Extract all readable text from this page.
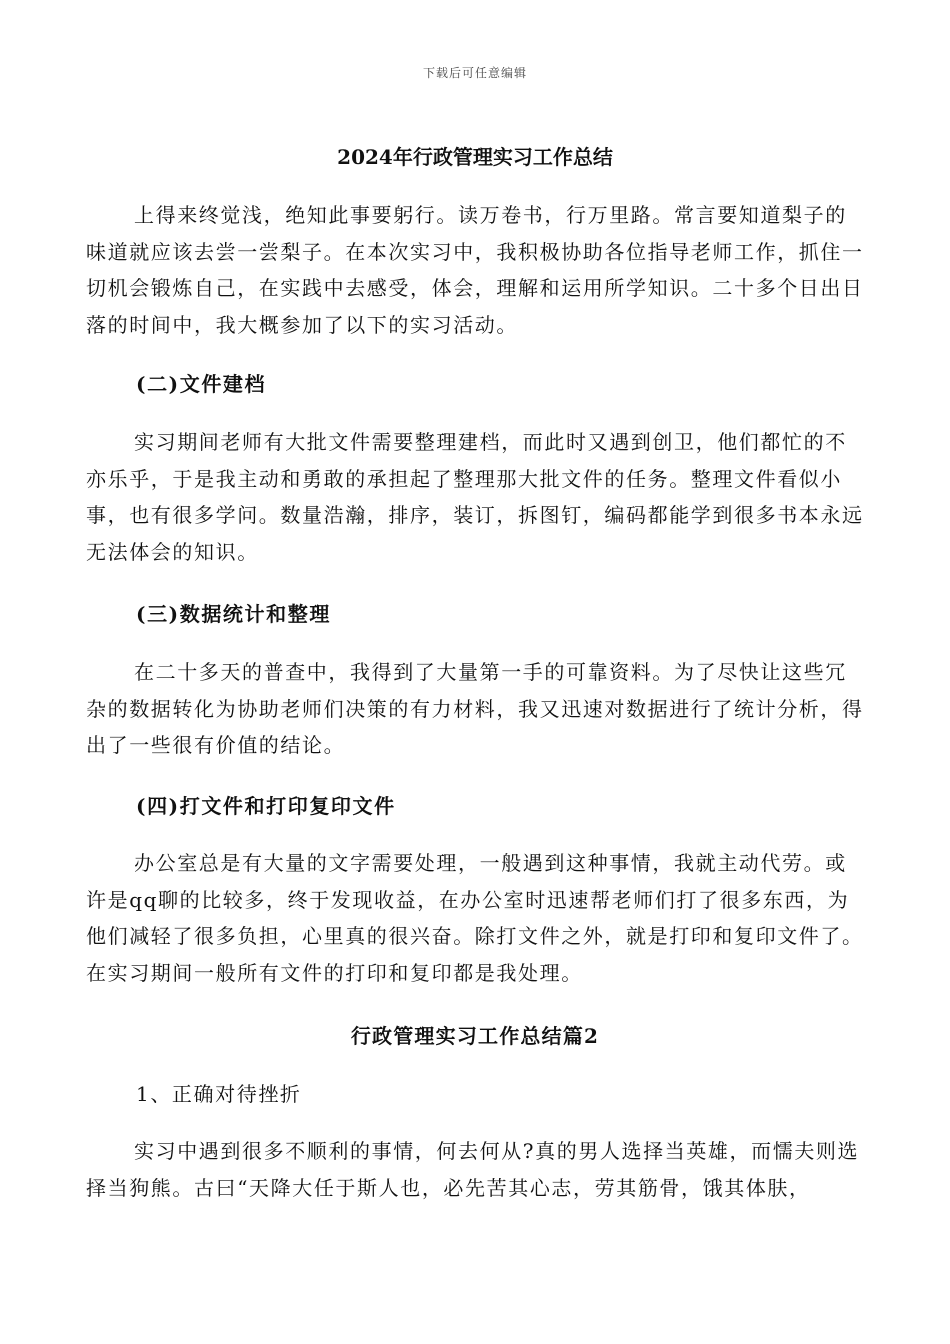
下载后可任意编辑
2024年行政管理实习工作总结

上得来终觉浅，绝知此事要躬行。读万卷书，行万里路。常言要知道梨子的味道就应该去尝一尝梨子。在本次实习中，我积极协助各位指导老师工作，抓住一切机会锻炼自己，在实践中去感受，体会，理解和运用所学知识。二十多个日出日落的时间中，我大概参加了以下的实习活动。

(二)文件建档

实习期间老师有大批文件需要整理建档，而此时又遇到创卫，他们都忙的不亦乐乎，于是我主动和勇敢的承担起了整理那大批文件的任务。整理文件看似小事，也有很多学问。数量浩瀚，排序，装订，拆图钉，编码都能学到很多书本永远无法体会的知识。

(三)数据统计和整理

在二十多天的普查中，我得到了大量第一手的可靠资料。为了尽快让这些冗杂的数据转化为协助老师们决策的有力材料，我又迅速对数据进行了统计分析，得出了一些很有价值的结论。

(四)打文件和打印复印文件

办公室总是有大量的文字需要处理，一般遇到这种事情，我就主动代劳。或许是qq聊的比较多，终于发现收益，在办公室时迅速帮老师们打了很多东西，为他们减轻了很多负担，心里真的很兴奋。除打文件之外，就是打印和复印文件了。在实习期间一般所有文件的打印和复印都是我处理。

行政管理实习工作总结篇2

1、正确对待挫折

实习中遇到很多不顺利的事情，何去何从?真的男人选择当英雄，而懦夫则选择当狗熊。古曰“天降大任于斯人也，必先苦其心志，劳其筋骨，饿其体肤，
